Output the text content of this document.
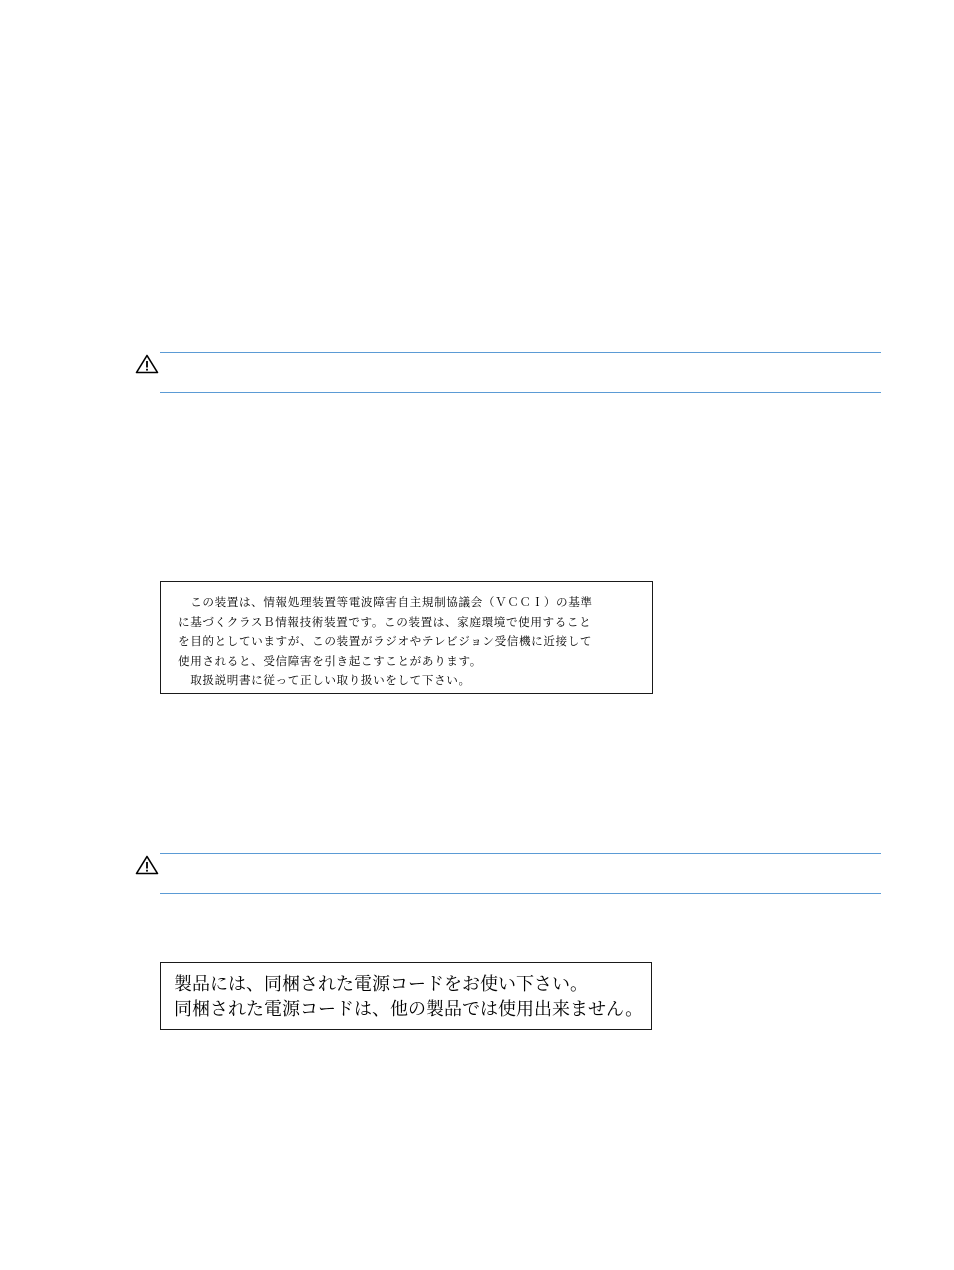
　この装置は、情報処理装置等電波障害自主規制協議会（ＶＣＣＩ）の基準
に基づくクラスＢ情報技術装置です。この装置は、家庭環境で使用すること
を目的としていますが、この装置がラジオやテレビジョン受信機に近接して
使用されると、受信障害を引き起こすことがあります。
　取扱説明書に従って正しい取り扱いをして下さい。
製品には、同梱された電源コードをお使い下さい。
同梱された電源コードは、他の製品では使用出来ません。
